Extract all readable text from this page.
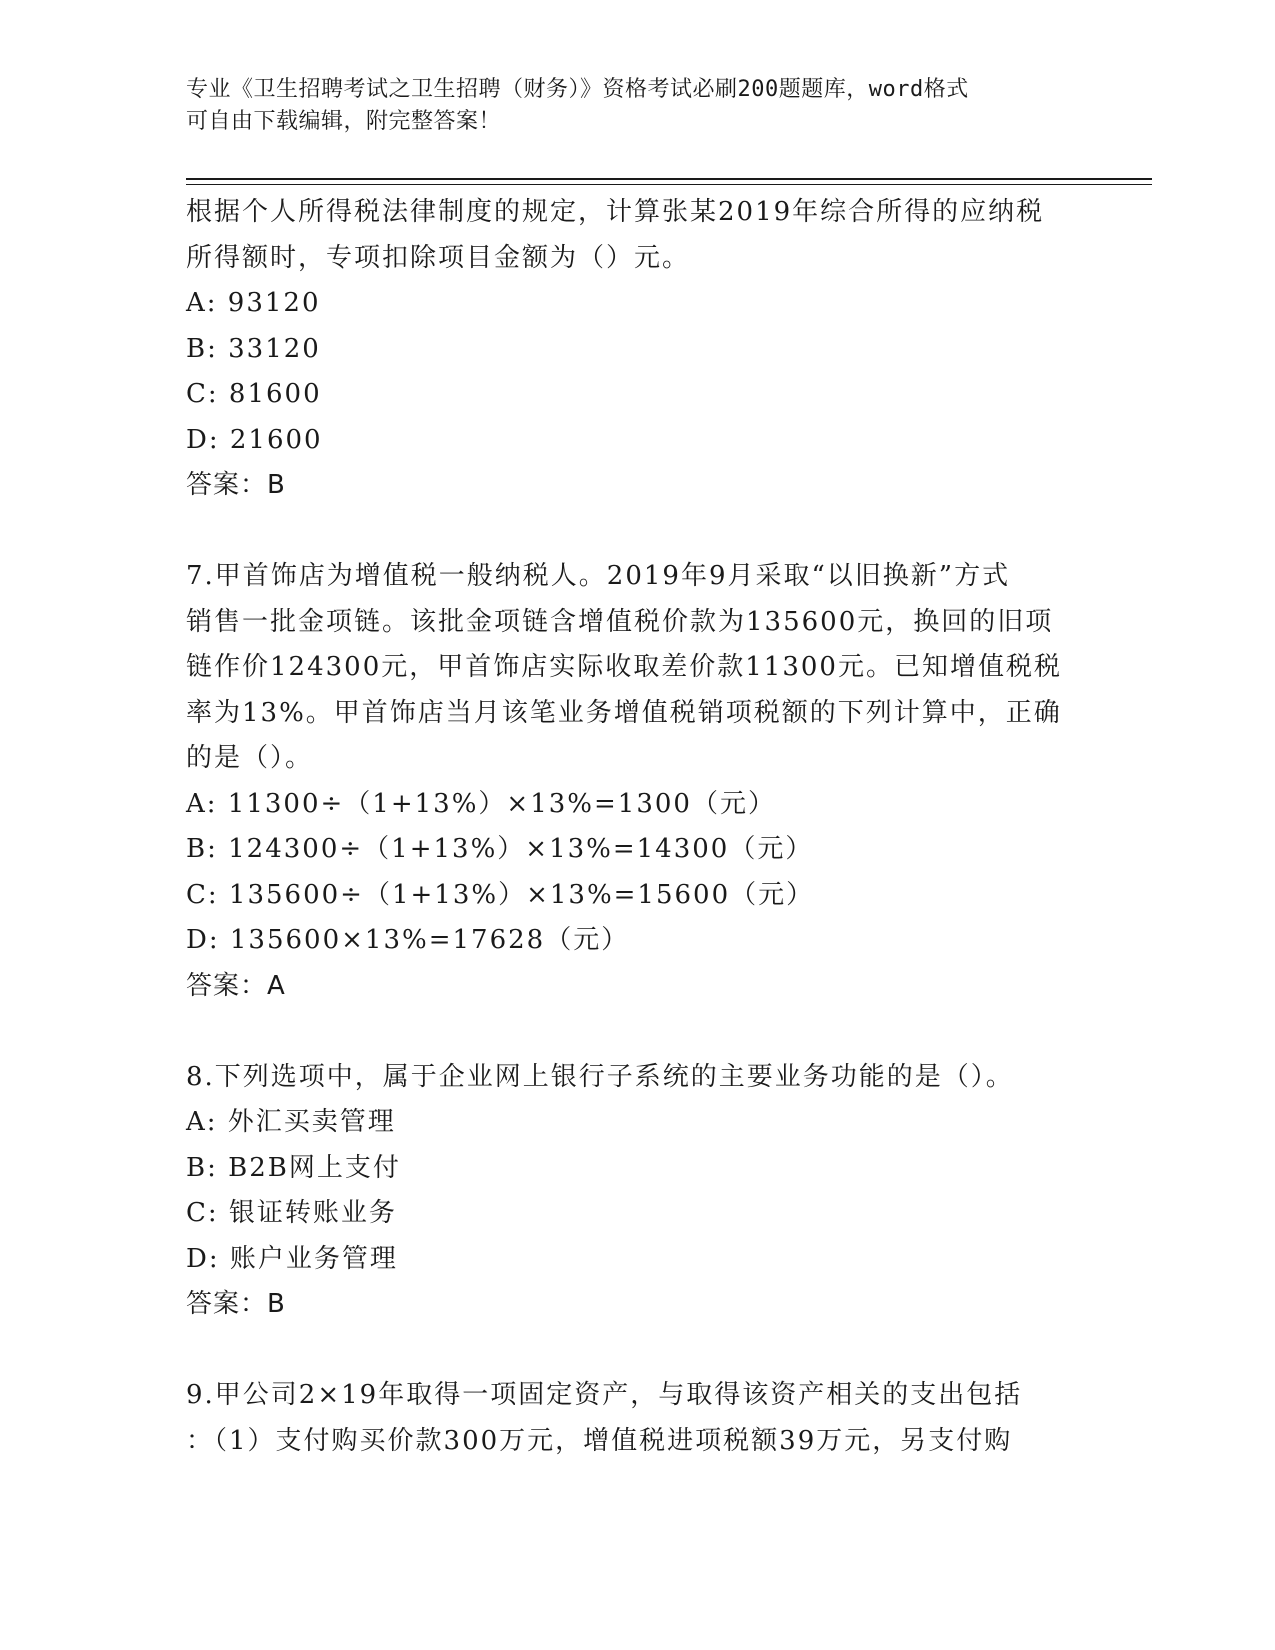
专业《卫生招聘考试之卫生招聘（财务）》资格考试必刷200题题库，word格式
可自由下载编辑，附完整答案！
根据个人所得税法律制度的规定，计算张某2019年综合所得的应纳税
所得额时，专项扣除项目金额为（）元。
A: 93120
B: 33120
C: 81600
D: 21600
答案：B
7.甲首饰店为增值税一般纳税人。2019年9月采取“以旧换新”方式
销售一批金项链。该批金项链含增值税价款为135600元，换回的旧项
链作价124300元，甲首饰店实际收取差价款11300元。已知增值税税
率为13%。甲首饰店当月该笔业务增值税销项税额的下列计算中，正确
的是（）。
A: 11300÷（1+13%）×13%=1300（元）
B: 124300÷（1+13%）×13%=14300（元）
C: 135600÷（1+13%）×13%=15600（元）
D: 135600×13%=17628（元）
答案：A
8.下列选项中，属于企业网上银行子系统的主要业务功能的是（）。
A: 外汇买卖管理
B: B2B网上支付
C: 银证转账业务
D: 账户业务管理
答案：B
9.甲公司2×19年取得一项固定资产，与取得该资产相关的支出包括
：（1）支付购买价款300万元，增值税进项税额39万元，另支付购
